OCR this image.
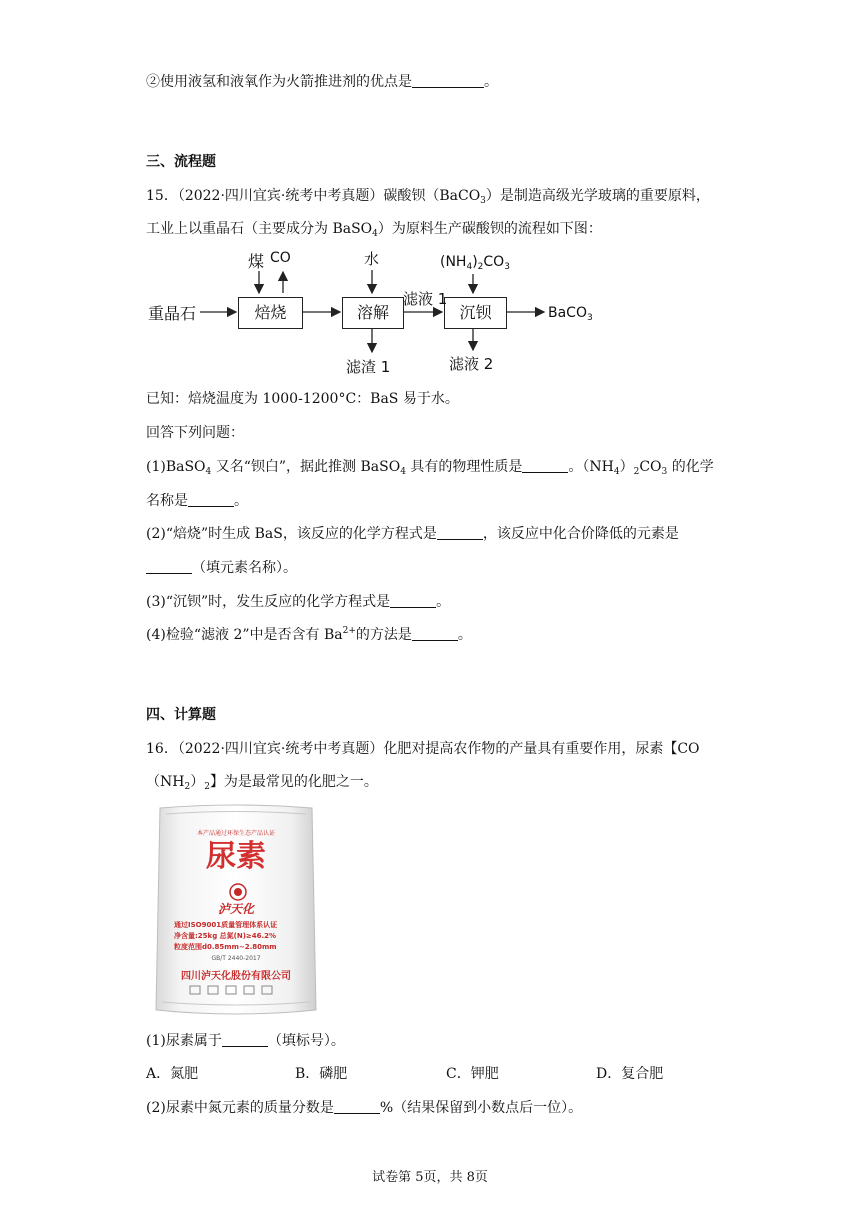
②使用液氢和液氧作为火箭推进剂的优点是	。
三、流程题
15．（2022·四川宜宾·统考中考真题）碳酸钡（BaCO$_3$）是制造高级光学玻璃的重要原料，
工业上以重晶石（主要成分为 BaSO$_4$）为原料生产碳酸钡的流程如下图：
重晶石	焙烧	溶解	沉钡	BaCO$_3$
煤 CO	水
滤液 1
$(NH_4)_2CO_3$
滤渣 1	滤液 2
已知：焙烧温度为 1000-1200°C：BaS 易于水。
回答下列问题：
(1)BaSO$_4$ 又名“钡白”，据此推测 BaSO$_4$ 具有的物理性质是	。$(NH_4)_2CO_3$ 的化学
名称是	。
(2)“焙烧”时生成 BaS，该反应的化学方程式是	，该反应中化合价降低的元素是
（填元素名称）。
(3)“沉钡”时，发生反应的化学方程式是	。
(4)检验“滤液 2”中是否含有 $Ba^{2+}$的方法是	。
四、计算题
16．（2022·四川宜宾·统考中考真题）化肥对提高农作物的产量具有重要作用，尿素【CO
$(NH_2)_2$】为是最常见的化肥之一。
本产品通过环保生态产品认证
尿素
泸天化
通过ISO9001质量管理体系认证
净含量:25kg 总氮(N)≥46.2%
粒度范围d0.85mm~2.80mm
GB/T 2440-2017
四川泸天化股份有限公司
(1)尿素属于	（填标号）。
A．氮肥	B．磷肥	C．钾肥	D．复合肥
(2)尿素中氮元素的质量分数是	%（结果保留到小数点后一位）。
试卷第 5页，共 8页
